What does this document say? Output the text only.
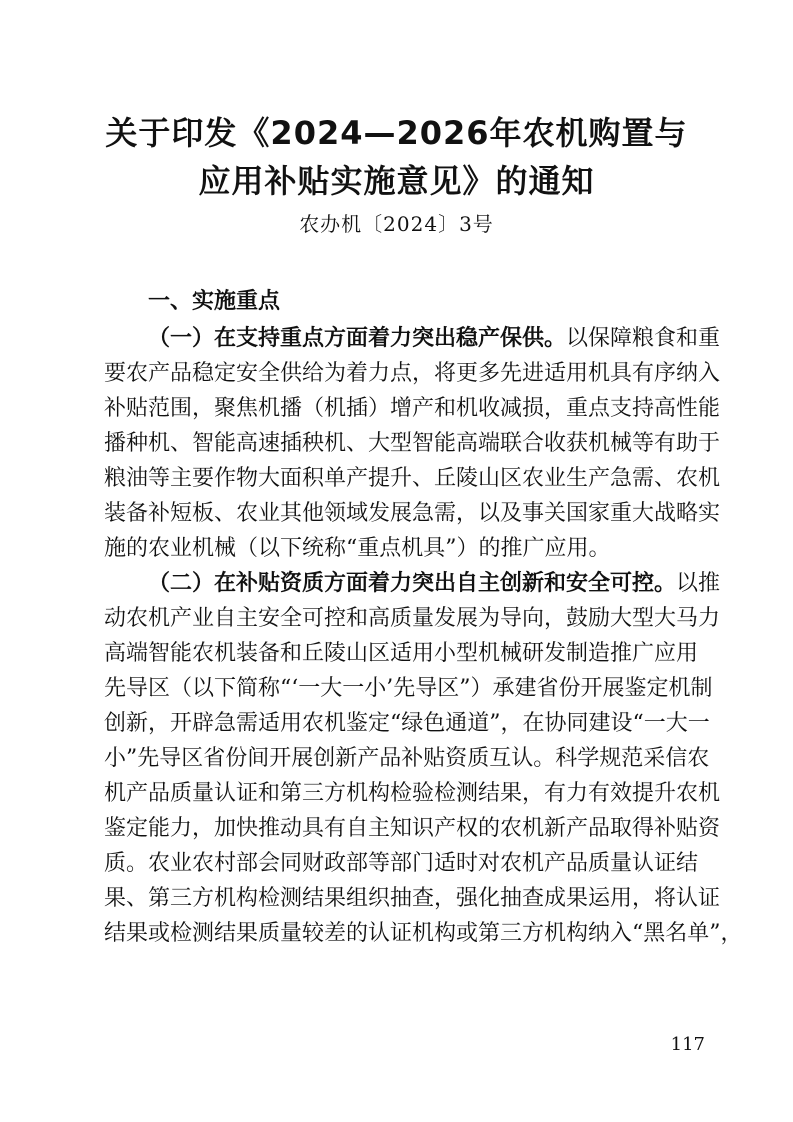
关于印发《2024—2026年农机购置与
应用补贴实施意见》的通知
农办机〔2024〕3号
一、实施重点
（一）在支持重点方面着力突出稳产保供。以保障粮食和重
要农产品稳定安全供给为着力点，将更多先进适用机具有序纳入
补贴范围，聚焦机播（机插）增产和机收减损，重点支持高性能
播种机、智能高速插秧机、大型智能高端联合收获机械等有助于
粮油等主要作物大面积单产提升、丘陵山区农业生产急需、农机
装备补短板、农业其他领域发展急需，以及事关国家重大战略实
施的农业机械（以下统称“重点机具”）的推广应用。
（二）在补贴资质方面着力突出自主创新和安全可控。以推
动农机产业自主安全可控和高质量发展为导向，鼓励大型大马力
高端智能农机装备和丘陵山区适用小型机械研发制造推广应用
先导区（以下简称“‘一大一小’先导区”）承建省份开展鉴定机制
创新，开辟急需适用农机鉴定“绿色通道”，在协同建设“一大一
小”先导区省份间开展创新产品补贴资质互认。科学规范采信农
机产品质量认证和第三方机构检验检测结果，有力有效提升农机
鉴定能力，加快推动具有自主知识产权的农机新产品取得补贴资
质。农业农村部会同财政部等部门适时对农机产品质量认证结
果、第三方机构检测结果组织抽查，强化抽查成果运用，将认证
结果或检测结果质量较差的认证机构或第三方机构纳入“黑名单”，
117
